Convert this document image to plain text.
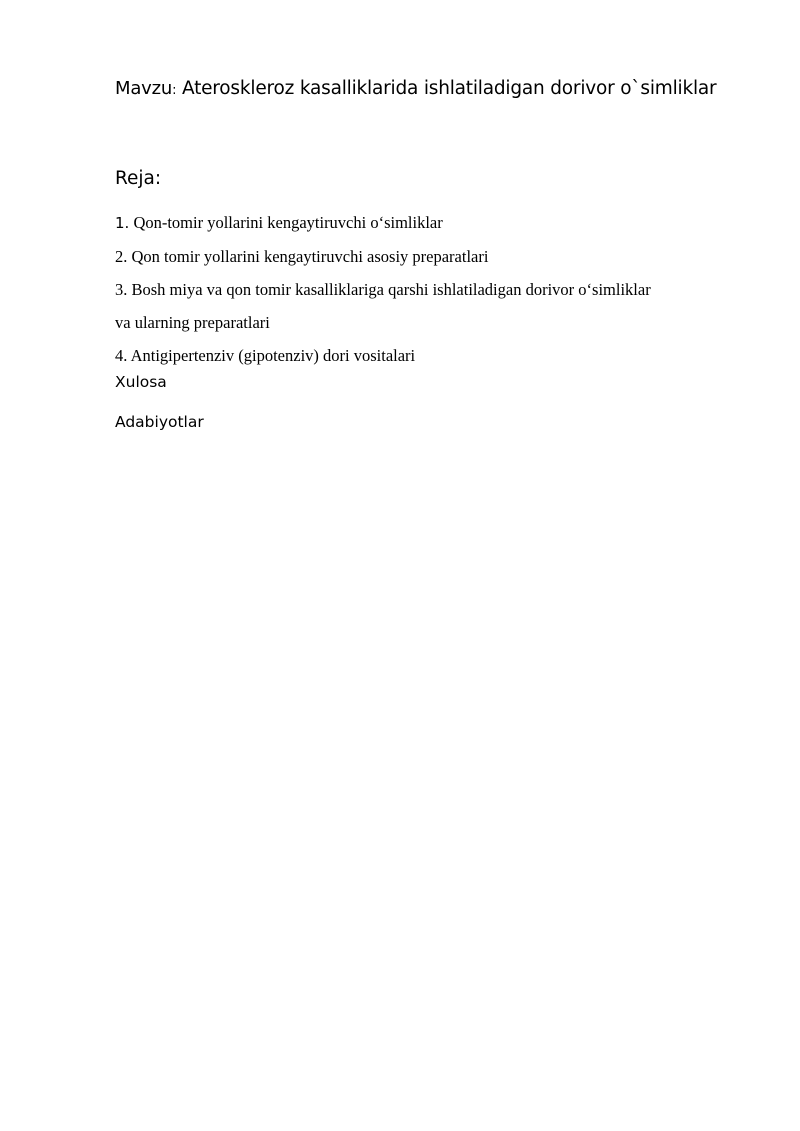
Mavzu: Ateroskleroz kasalliklarida ishlatiladigan dorivor o`simliklar
Reja:
1. Qon-tomir yollarini kengaytiruvchi o‘simliklar
2. Qon tomir yollarini kengaytiruvchi asosiy preparatlari
3. Bosh miya va qon tomir kasalliklariga qarshi ishlatiladigan dorivor o‘simliklar
va ularning preparatlari
4. Antigipertenziv (gipotenziv) dori vositalari
Xulosa
Adabiyotlar
